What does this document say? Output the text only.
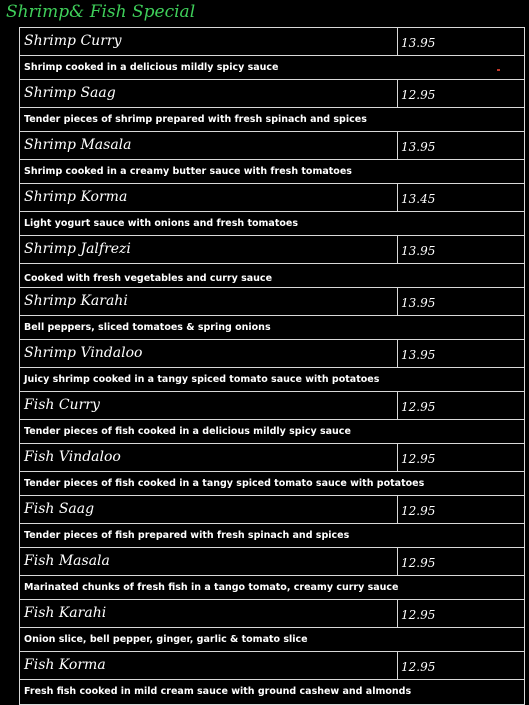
Shrimp& Fish Special
Shrimp Curry	13.95
Shrimp cooked in a delicious mildly spicy sauce
Shrimp Saag	12.95
Tender pieces of shrimp prepared with fresh spinach and spices
Shrimp Masala	13.95
Shrimp cooked in a creamy butter sauce with fresh tomatoes
Shrimp Korma	13.45
Light yogurt sauce with onions and fresh tomatoes
Shrimp Jalfrezi	13.95
Cooked with fresh vegetables and curry sauce
Shrimp Karahi	13.95
Bell peppers, sliced tomatoes & spring onions
Shrimp Vindaloo	13.95
Juicy shrimp cooked in a tangy spiced tomato sauce with potatoes
Fish Curry	12.95
Tender pieces of fish cooked in a delicious mildly spicy sauce
Fish Vindaloo	12.95
Tender pieces of fish cooked in a tangy spiced tomato sauce with potatoes
Fish Saag	12.95
Tender pieces of fish prepared with fresh spinach and spices
Fish Masala	12.95
Marinated chunks of fresh fish in a tango tomato, creamy curry sauce
Fish Karahi	12.95
Onion slice, bell pepper, ginger, garlic & tomato slice
Fish Korma	12.95
Fresh fish cooked in mild cream sauce with ground cashew and almonds
